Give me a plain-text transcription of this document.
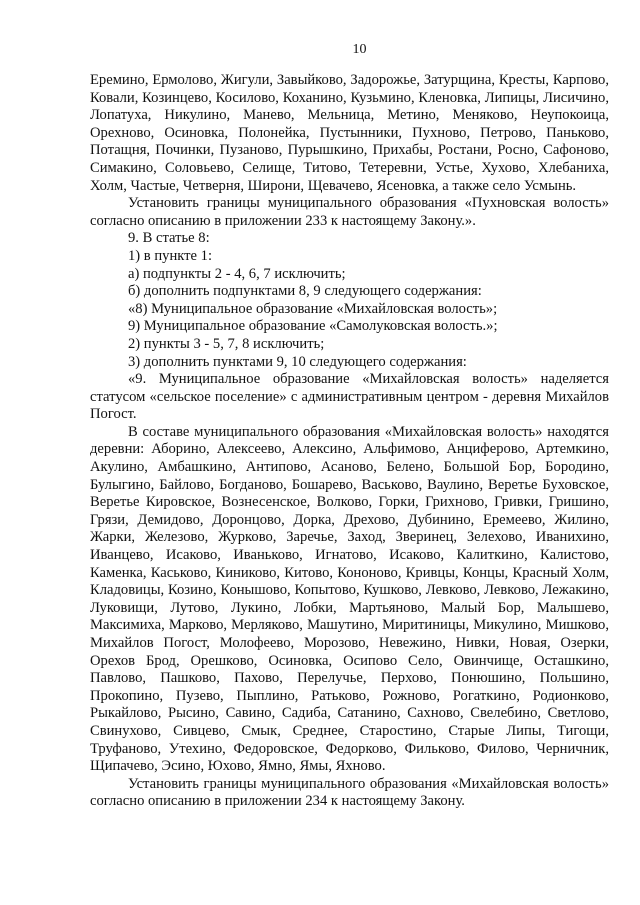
10

Еремино, Ермолово, Жигули, Завыйково, Задорожье, Затурщина, Кресты, Карпово, Ковали, Козинцево, Косилово, Коханино, Кузьмино, Кленовка, Липицы, Лисичино, Лопатуха, Никулино, Манево, Мельница, Метино, Меняково, Неупокоица, Орехново, Осиновка, Полонейка, Пустынники, Пухново, Петрово, Паньково, Потащня, Починки, Пузаново, Пурышкино, Прихабы, Ростани, Росно, Сафоново, Симакино, Соловьево, Селище, Титово, Тетеревни, Устье, Хухово, Хлебаниха, Холм, Частые, Четверня, Широни, Щевачево, Ясеновка, а также село Усмынь.

Установить границы муниципального образования «Пухновская волость» согласно описанию в приложении 233 к настоящему Закону.».

9. В статье 8:

1) в пункте 1:

а) подпункты 2 - 4, 6, 7 исключить;

б) дополнить подпунктами 8, 9 следующего содержания:

«8) Муниципальное образование «Михайловская волость»;

9) Муниципальное образование «Самолуковская волость.»;

2) пункты 3 - 5, 7, 8 исключить;

3) дополнить пунктами 9, 10 следующего содержания:

«9. Муниципальное образование «Михайловская волость» наделяется статусом «сельское поселение» с административным центром - деревня Михайлов Погост.

В составе муниципального образования «Михайловская волость» находятся деревни: Аборино, Алексеево, Алексино, Альфимово, Анциферово, Артемкино, Акулино, Амбашкино, Антипово, Асаново, Белено, Большой Бор, Бородино, Булыгино, Байлово, Богданово, Бошарево, Васьково, Ваулино, Веретье Буховское, Веретье Кировское, Вознесенское, Волково, Горки, Грихново, Гривки, Гришино, Грязи, Демидово, Доронцово, Дорка, Дрехово, Дубинино, Еремеево, Жилино, Жарки, Железово, Журково, Заречье, Заход, Зверинец, Зелехово, Иванихино, Иванцево, Исаково, Иваньково, Игнатово, Исаково, Калиткино, Калистово, Каменка, Каськово, Киниково, Китово, Кононово, Кривцы, Концы, Красный Холм, Кладовицы, Козино, Конышово, Копытово, Кушково, Левково, Левково, Лежакино, Луковищи, Лутово, Лукино, Лобки, Мартьяново, Малый Бор, Малышево, Максимиха, Марково, Мерляково, Машутино, Миритиницы, Микулино, Мишково, Михайлов Погост, Молофеево, Морозово, Невежино, Нивки, Новая, Озерки, Орехов Брод, Орешково, Осиновка, Осипово Село, Овинчище, Осташкино, Павлово, Пашково, Пахово, Перелучье, Перхово, Понюшино, Польшино, Прокопино, Пузево, Пыплино, Ратьково, Рожново, Рогаткино, Родионково, Рыкайлово, Рысино, Савино, Садиба, Сатанино, Сахново, Свелебино, Светлово, Свинухово, Сивцево, Смык, Среднее, Старостино, Старые Липы, Тигощи, Труфаново, Утехино, Федоровское, Федорково, Фильково, Филово, Черничник, Щипачево, Эсино, Юхово, Ямно, Ямы, Яхново.

Установить границы муниципального образования «Михайловская волость» согласно описанию в приложении 234 к настоящему Закону.
